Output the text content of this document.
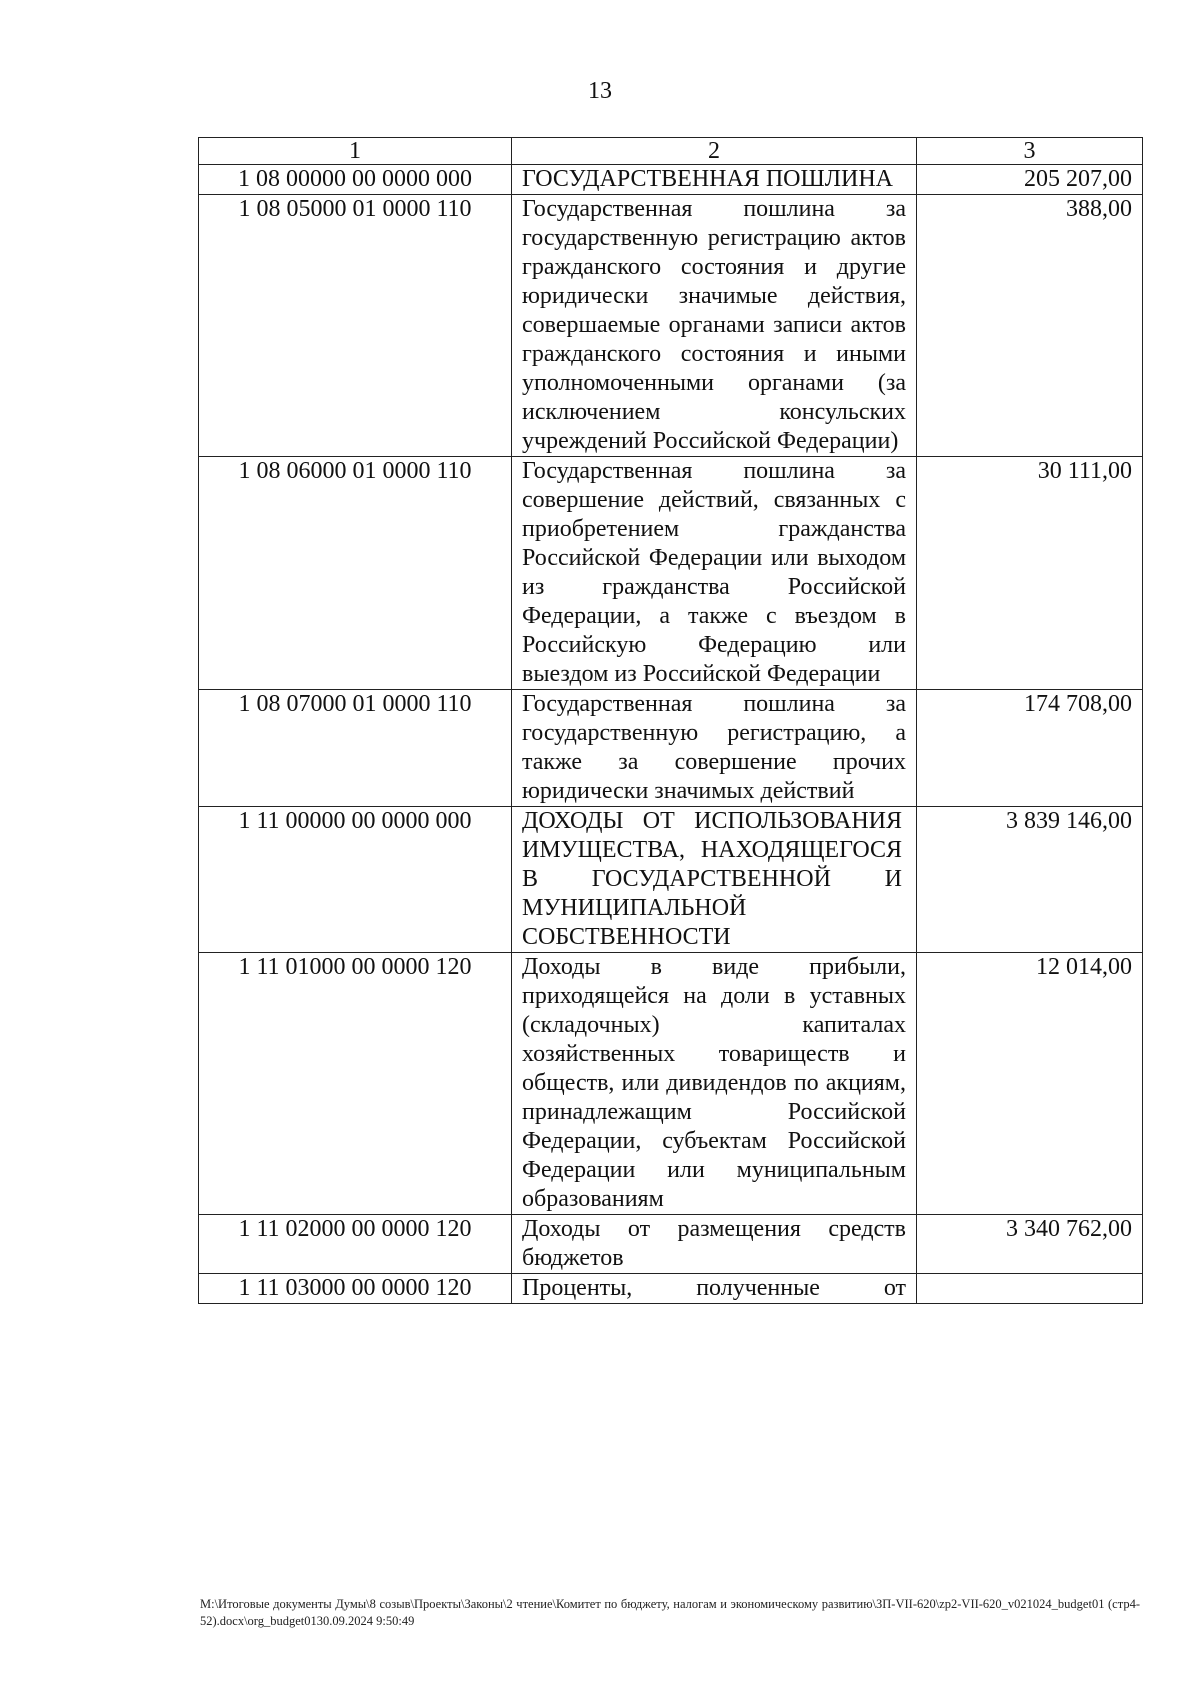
13
1	2	3
1 08 00000 00 0000 000	ГОСУДАРСТВЕННАЯ ПОШЛИНА	205 207,00
1 08 05000 01 0000 110	Государственная пошлина за государственную регистрацию актов гражданского состояния и другие юридически значимые действия, совершаемые органами записи актов гражданского состояния и иными уполномоченными органами (за исключением консульских учреждений Российской Федерации)	388,00
1 08 06000 01 0000 110	Государственная пошлина за совершение действий, связанных с приобретением гражданства Российской Федерации или выходом из гражданства Российской Федерации, а также с въездом в Российскую Федерацию или выездом из Российской Федерации	30 111,00
1 08 07000 01 0000 110	Государственная пошлина за государственную регистрацию, а также за совершение прочих юридически значимых действий	174 708,00
1 11 00000 00 0000 000	ДОХОДЫ ОТ ИСПОЛЬЗОВАНИЯ ИМУЩЕСТВА, НАХОДЯЩЕГОСЯ В ГОСУДАРСТВЕННОЙ И МУНИЦИПАЛЬНОЙ СОБСТВЕННОСТИ	3 839 146,00
1 11 01000 00 0000 120	Доходы в виде прибыли, приходящейся на доли в уставных (складочных) капиталах хозяйственных товариществ и обществ, или дивидендов по акциям, принадлежащим Российской Федерации, субъектам Российской Федерации или муниципальным образованиям	12 014,00
1 11 02000 00 0000 120	Доходы от размещения средств бюджетов	3 340 762,00
1 11 03000 00 0000 120	Проценты, полученные от	
M:\Итоговые документы Думы\8 созыв\Проекты\Законы\2 чтение\Комитет по бюджету, налогам и экономическому развитию\ЗП-VII-620\zp2-VII-620_v021024_budget01 (стр4-52).docx\org_budget0130.09.2024 9:50:49
